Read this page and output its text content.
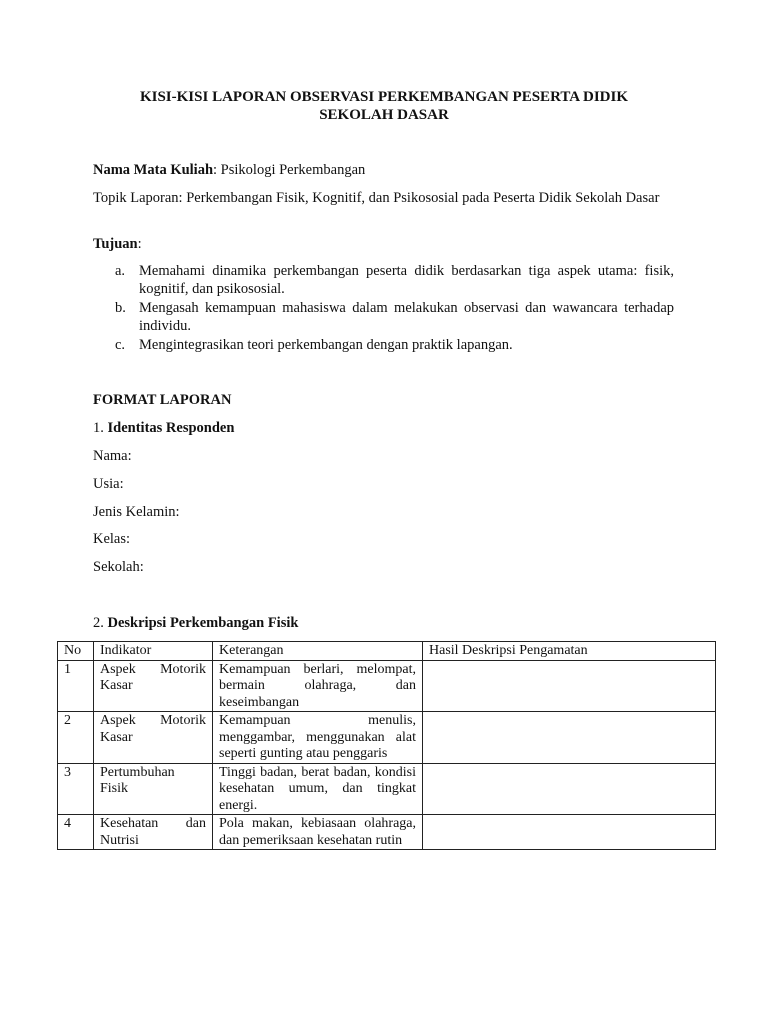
KISI-KISI LAPORAN OBSERVASI PERKEMBANGAN PESERTA DIDIK
SEKOLAH DASAR
Nama Mata Kuliah: Psikologi Perkembangan
Topik Laporan: Perkembangan Fisik, Kognitif, dan Psikososial pada Peserta Didik Sekolah Dasar
Tujuan:
a. Memahami dinamika perkembangan peserta didik berdasarkan tiga aspek utama: fisik, kognitif, dan psikososial.
b. Mengasah kemampuan mahasiswa dalam melakukan observasi dan wawancara terhadap individu.
c. Mengintegrasikan teori perkembangan dengan praktik lapangan.
FORMAT LAPORAN
1. Identitas Responden
Nama:
Usia:
Jenis Kelamin:
Kelas:
Sekolah:
2. Deskripsi Perkembangan Fisik
No	Indikator	Keterangan	Hasil Deskripsi Pengamatan
1	Aspek Motorik Kasar	Kemampuan berlari, melompat, bermain olahraga, dan keseimbangan	
2	Aspek Motorik Kasar	Kemampuan menulis, menggambar, menggunakan alat seperti gunting atau penggaris	
3	Pertumbuhan Fisik	Tinggi badan, berat badan, kondisi kesehatan umum, dan tingkat energi.	
4	Kesehatan dan Nutrisi	Pola makan, kebiasaan olahraga, dan pemeriksaan kesehatan rutin	
